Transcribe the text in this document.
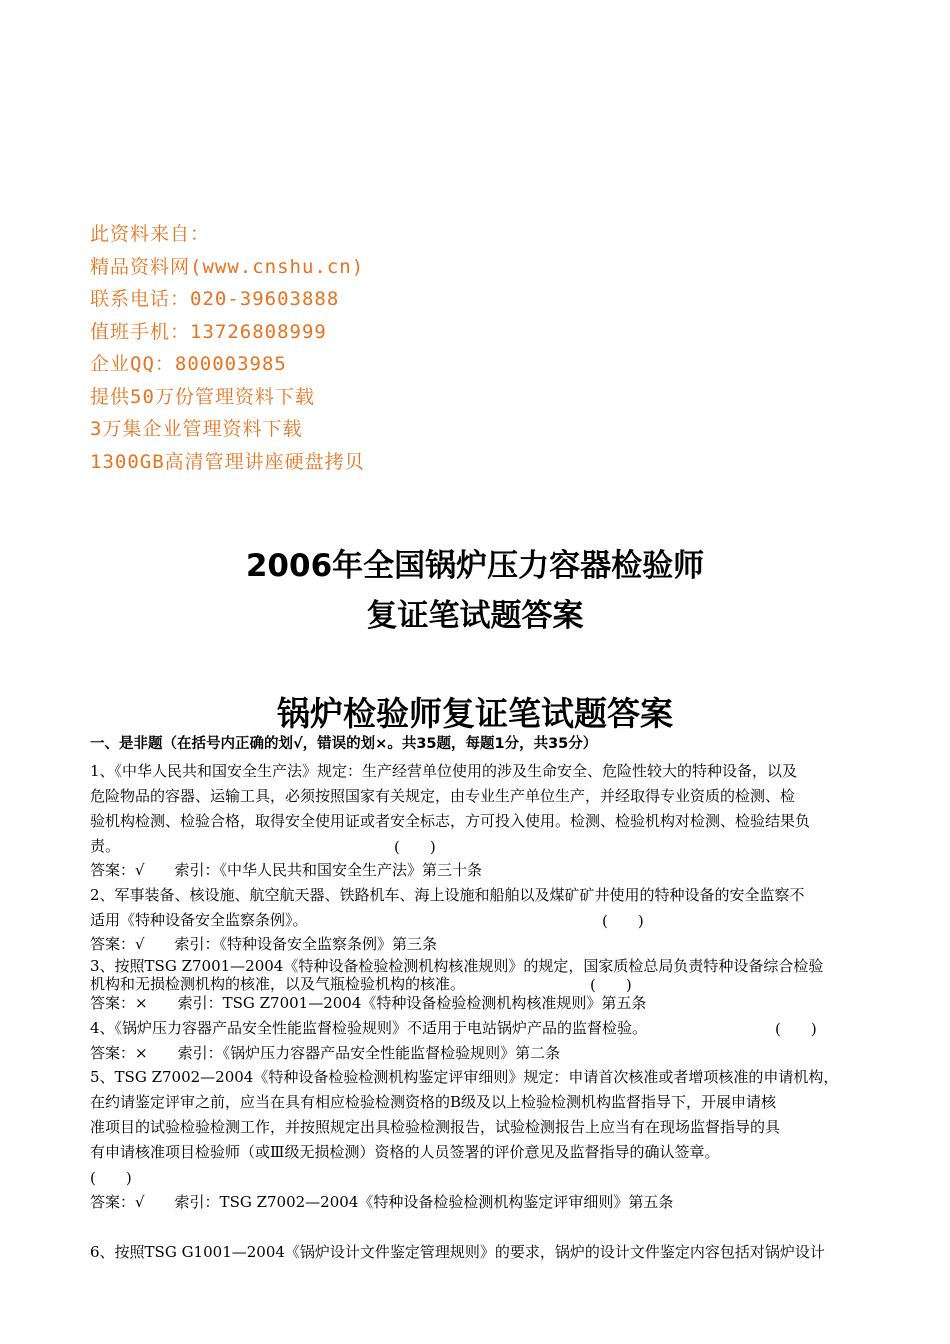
此资料来自：
精品资料网(www.cnshu.cn)
联系电话：020-39603888
值班手机：13726808999
企业QQ：800003985
提供50万份管理资料下载
3万集企业管理资料下载
1300GB高清管理讲座硬盘拷贝
2006年全国锅炉压力容器检验师
复证笔试题答案
锅炉检验师复证笔试题答案
一、是非题（在括号内正确的划√，错误的划×。共35题，每题1分，共35分）
1、《中华人民共和国安全生产法》规定：生产经营单位使用的涉及生命安全、危险性较大的特种设备，以及
危险物品的容器、运输工具，必须按照国家有关规定，由专业生产单位生产，并经取得专业资质的检测、检
验机构检测、检验合格，取得安全使用证或者安全标志，方可投入使用。检测、检验机构对检测、检验结果负
责。	(　　)
答案：√　　索引：《中华人民共和国安全生产法》第三十条
2、军事装备、核设施、航空航天器、铁路机车、海上设施和船舶以及煤矿矿井使用的特种设备的安全监察不
适用《特种设备安全监察条例》。	(　　)
答案：√　　索引：《特种设备安全监察条例》第三条
3、按照TSG Z7001—2004《特种设备检验检测机构核准规则》的规定，国家质检总局负责特种设备综合检验
机构和无损检测机构的核准，以及气瓶检验机构的核准。	(　　)
答案：×　　索引：TSG Z7001—2004《特种设备检验检测机构核准规则》第五条
4、《锅炉压力容器产品安全性能监督检验规则》不适用于电站锅炉产品的监督检验。	(　　)
答案：×　　索引：《锅炉压力容器产品安全性能监督检验规则》第二条
5、TSG Z7002—2004《特种设备检验检测机构鉴定评审细则》规定：申请首次核准或者增项核准的申请机构，
在约请鉴定评审之前，应当在具有相应检验检测资格的B级及以上检验检测机构监督指导下，开展申请核
准项目的试验检验检测工作，并按照规定出具检验检测报告，试验检测报告上应当有在现场监督指导的具
有申请核准项目检验师（或Ⅲ级无损检测）资格的人员签署的评价意见及监督指导的确认签章。
(　　)
答案：√　　索引：TSG Z7002—2004《特种设备检验检测机构鉴定评审细则》第五条
6、按照TSG G1001—2004《锅炉设计文件鉴定管理规则》的要求，锅炉的设计文件鉴定内容包括对锅炉设计
